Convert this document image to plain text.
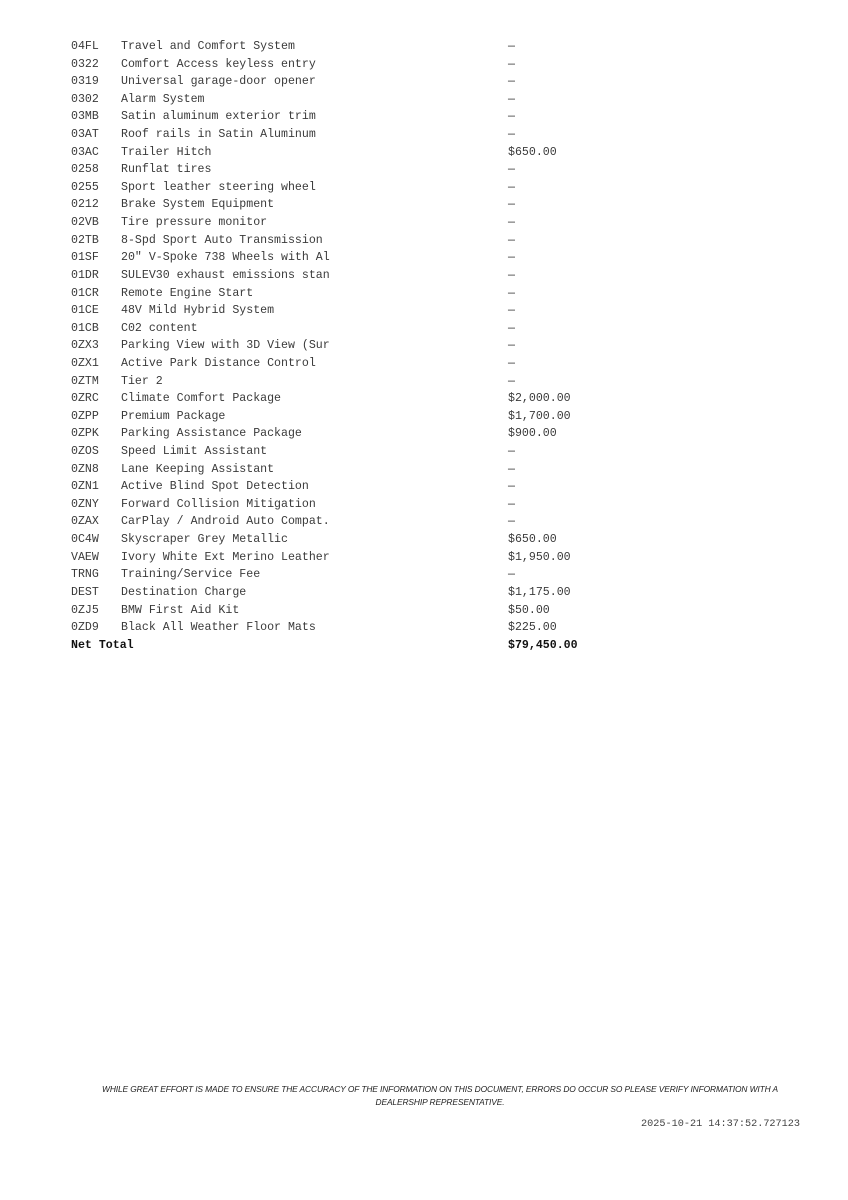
04FL Travel and Comfort System	—
0322 Comfort Access keyless entry	—
0319 Universal garage-door opener	—
0302 Alarm System	—
03MB Satin aluminum exterior trim	—
03AT Roof rails in Satin Aluminum	—
03AC Trailer Hitch	$650.00
0258 Runflat tires	—
0255 Sport leather steering wheel	—
0212 Brake System Equipment	—
02VB Tire pressure monitor	—
02TB 8-Spd Sport Auto Transmission	—
01SF 20" V-Spoke 738 Wheels with Al	—
01DR SULEV30 exhaust emissions stan	—
01CR Remote Engine Start	—
01CE 48V Mild Hybrid System	—
01CB C02 content	—
0ZX3 Parking View with 3D View (Sur	—
0ZX1 Active Park Distance Control	—
0ZTM Tier 2	—
0ZRC Climate Comfort Package	$2,000.00
0ZPP Premium Package	$1,700.00
0ZPK Parking Assistance Package	$900.00
0ZOS Speed Limit Assistant	—
0ZN8 Lane Keeping Assistant	—
0ZN1 Active Blind Spot Detection	—
0ZNY Forward Collision Mitigation	—
0ZAX CarPlay / Android Auto Compat.	—
0C4W Skyscraper Grey Metallic	$650.00
VAEW Ivory White Ext Merino Leather	$1,950.00
TRNG Training/Service Fee	—
DEST Destination Charge	$1,175.00
0ZJ5 BMW First Aid Kit	$50.00
0ZD9 Black All Weather Floor Mats	$225.00
Net Total	$79,450.00
WHILE GREAT EFFORT IS MADE TO ENSURE THE ACCURACY OF THE INFORMATION ON THIS DOCUMENT, ERRORS DO OCCUR SO PLEASE VERIFY INFORMATION WITH A
DEALERSHIP REPRESENTATIVE.
2025-10-21 14:37:52.727123
